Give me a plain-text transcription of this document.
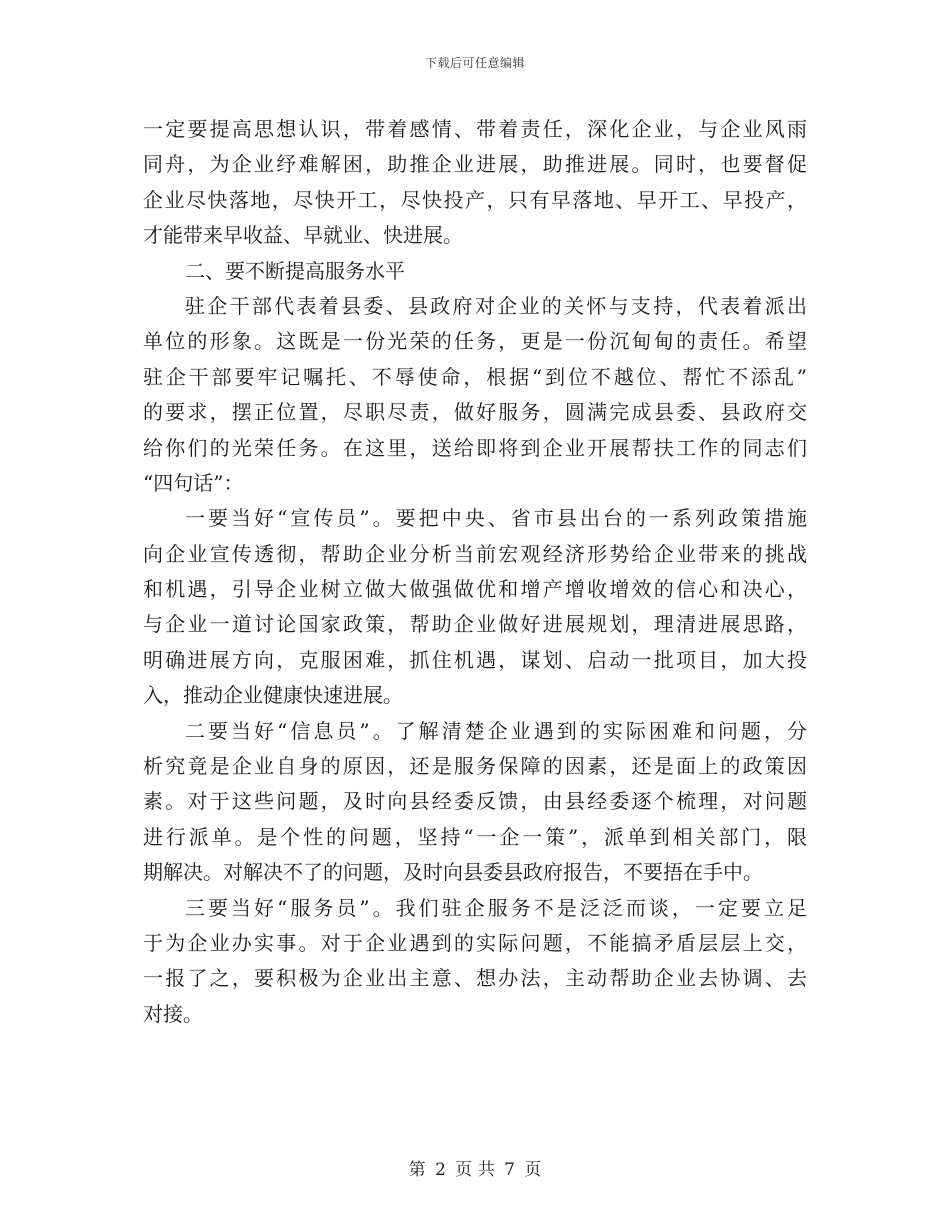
下载后可任意编辑
一定要提高思想认识，带着感情、带着责任，深化企业，与企业风雨
同舟，为企业纾难解困，助推企业进展，助推进展。同时，也要督促
企业尽快落地，尽快开工，尽快投产，只有早落地、早开工、早投产，
才能带来早收益、早就业、快进展。
二、要不断提高服务水平
驻企干部代表着县委、县政府对企业的关怀与支持，代表着派出
单位的形象。这既是一份光荣的任务，更是一份沉甸甸的责任。希望
驻企干部要牢记嘱托、不辱使命，根据“到位不越位、帮忙不添乱”
的要求，摆正位置，尽职尽责，做好服务，圆满完成县委、县政府交
给你们的光荣任务。在这里，送给即将到企业开展帮扶工作的同志们
“四句话”：
一要当好“宣传员”。要把中央、省市县出台的一系列政策措施
向企业宣传透彻，帮助企业分析当前宏观经济形势给企业带来的挑战
和机遇，引导企业树立做大做强做优和增产增收增效的信心和决心，
与企业一道讨论国家政策，帮助企业做好进展规划，理清进展思路，
明确进展方向，克服困难，抓住机遇，谋划、启动一批项目，加大投
入，推动企业健康快速进展。
二要当好“信息员”。了解清楚企业遇到的实际困难和问题，分
析究竟是企业自身的原因，还是服务保障的因素，还是面上的政策因
素。对于这些问题，及时向县经委反馈，由县经委逐个梳理，对问题
进行派单。是个性的问题，坚持“一企一策”，派单到相关部门，限
期解决。对解决不了的问题，及时向县委县政府报告，不要捂在手中。
三要当好“服务员”。我们驻企服务不是泛泛而谈，一定要立足
于为企业办实事。对于企业遇到的实际问题，不能搞矛盾层层上交，
一报了之，要积极为企业出主意、想办法，主动帮助企业去协调、去
对接。
第 2 页 共 7 页
